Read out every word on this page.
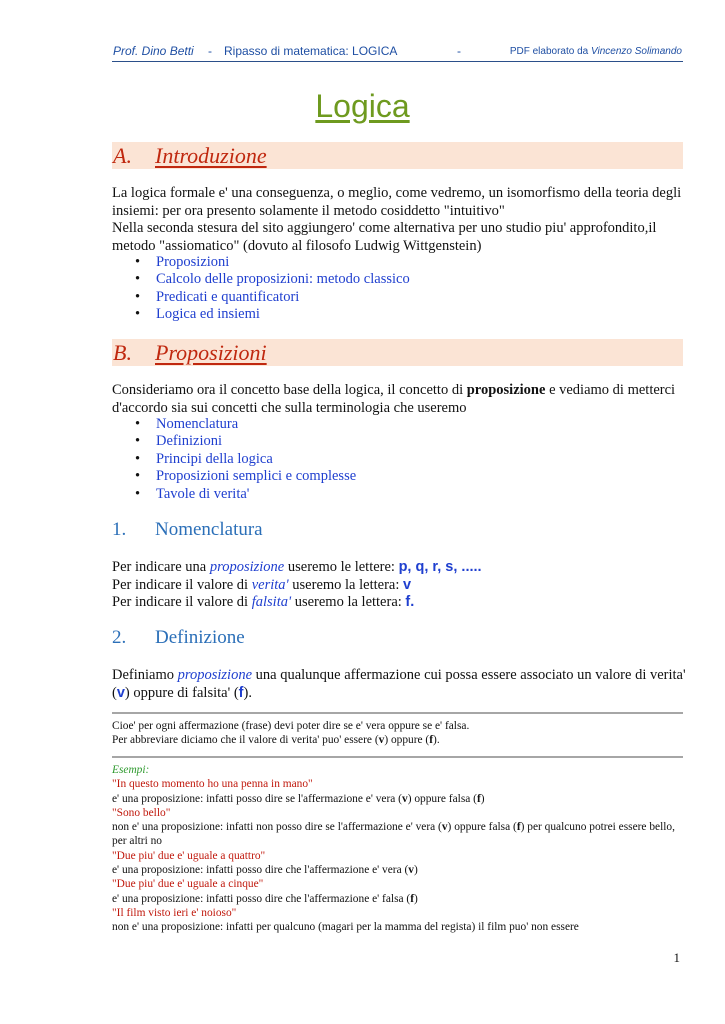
Prof. Dino Betti - Ripasso di matematica: LOGICA	-	PDF elaborato da Vincenzo Solimando
Logica
A. Introduzione
La logica formale e' una conseguenza, o meglio, come vedremo, un isomorfismo della teoria degli insiemi: per ora presento solamente il metodo cosiddetto "intuitivo"
Nella seconda stesura del sito aggiungero' come alternativa per uno studio piu' approfondito,il metodo "assiomatico" (dovuto al filosofo Ludwig Wittgenstein)
• Proposizioni
• Calcolo delle proposizioni: metodo classico
• Predicati e quantificatori
• Logica ed insiemi
B. Proposizioni
Consideriamo ora il concetto base della logica, il concetto di proposizione e vediamo di metterci d'accordo sia sui concetti che sulla terminologia che useremo
• Nomenclatura
• Definizioni
• Principi della logica
• Proposizioni semplici e complesse
• Tavole di verita'
1. Nomenclatura
Per indicare una proposizione useremo le lettere: p, q, r, s, .....
Per indicare il valore di verita' useremo la lettera: v
Per indicare il valore di falsita' useremo la lettera: f.
2. Definizione
Definiamo proposizione una qualunque affermazione cui possa essere associato un valore di verita' (v) oppure di falsita' (f).
Cioe' per ogni affermazione (frase) devi poter dire se e' vera oppure se e' falsa.
Per abbreviare diciamo che il valore di verita' puo' essere (v) oppure (f).
Esempi:
"In questo momento ho una penna in mano"
e' una proposizione: infatti posso dire se l'affermazione e' vera (v) oppure falsa (f)
"Sono bello"
non e' una proposizione: infatti non posso dire se l'affermazione e' vera (v) oppure falsa (f) per qualcuno potrei essere bello, per altri no
"Due piu' due e' uguale a quattro"
e' una proposizione: infatti posso dire che l'affermazione e' vera (v)
"Due piu' due e' uguale a cinque"
e' una proposizione: infatti posso dire che l'affermazione e' falsa (f)
"Il film visto ieri e' noioso"
non e' una proposizione: infatti per qualcuno (magari per la mamma del regista) il film puo' non essere
1
